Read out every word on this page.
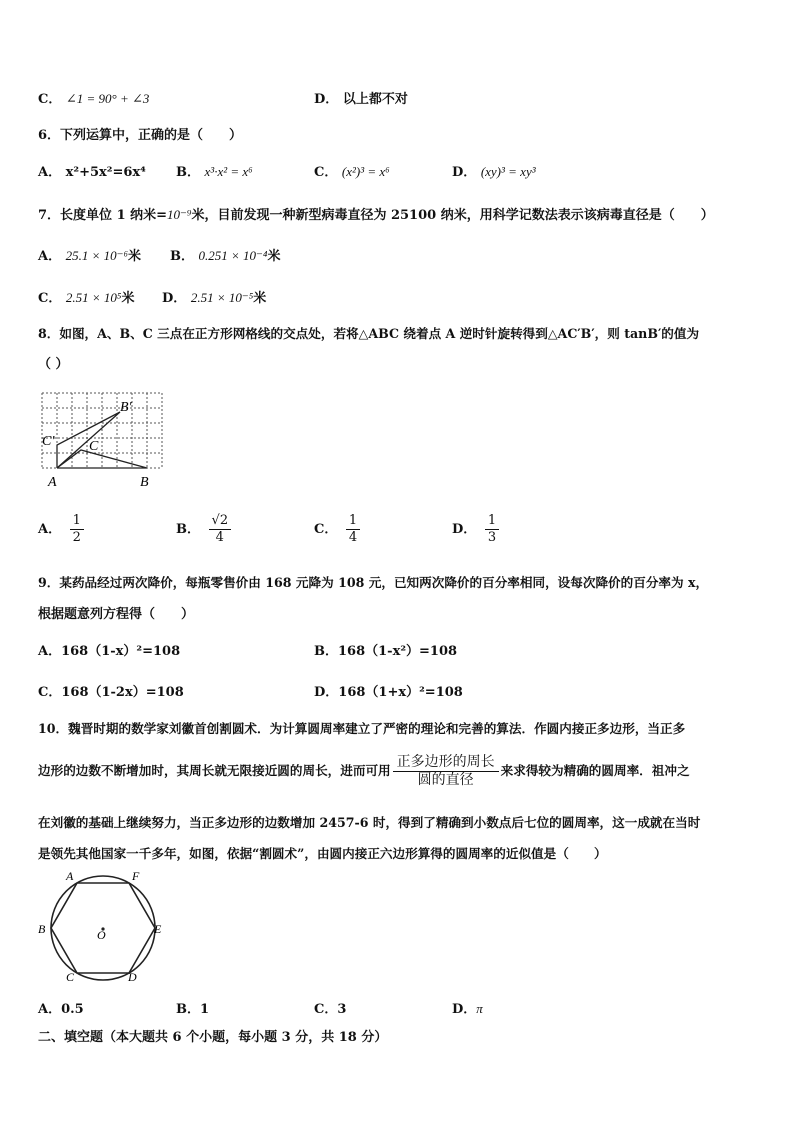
C． ∠1 = 90° + ∠3	D． 以上都不对
6．下列运算中，正确的是（　　）
A． x²+5x²=6x⁴ B． x³·x² = x⁶	C． (x²)³ = x⁶	D． (xy)³ = xy³
7．长度单位 1 纳米=10⁻⁹米，目前发现一种新型病毒直径为 25100 纳米，用科学记数法表示该病毒直径是（　　）
A． 25.1 × 10⁻⁶米 B． 0.251 × 10⁻⁴米
C． 2.51 × 10⁵米 D． 2.51 × 10⁻⁵米
8．如图，A、B、C 三点在正方形网格线的交点处，若将△ABC 绕着点 A 逆时针旋转得到△AC′B′，则 tanB′的值为
（ ）
A	B
C
C′
B′
A． $\frac{1}{2}$	B． $\frac{√2}{4}$	C． $\frac{1}{4}$	D． $\frac{1}{3}$
9．某药品经过两次降价，每瓶零售价由 168 元降为 108 元，已知两次降价的百分率相同，设每次降价的百分率为 x，
根据题意列方程得（　　）
A．168（1-x）²=108	B．168（1-x²）=108
C．168（1-2x）=108	D．168（1+x）²=108
10．魏晋时期的数学家刘徽首创割圆术．为计算圆周率建立了严密的理论和完善的算法．作圆内接正多边形，当正多
边形的边数不断增加时，其周长就无限接近圆的周长，进而可用 $\frac{\text{正多边形的周长}}{\text{圆的直径}}$ 来求得较为精确的圆周率．祖冲之
在刘徽的基础上继续努力，当正多边形的边数增加 2457-6 时，得到了精确到小数点后七位的圆周率，这一成就在当时
是领先其他国家一千多年，如图，依据“割圆术”，由圆内接正六边形算得的圆周率的近似值是（　　）
A	F
B	E
C	D
O
A．0.5	B．1	C．3	D．π
二、填空题（本大题共 6 个小题，每小题 3 分，共 18 分）
